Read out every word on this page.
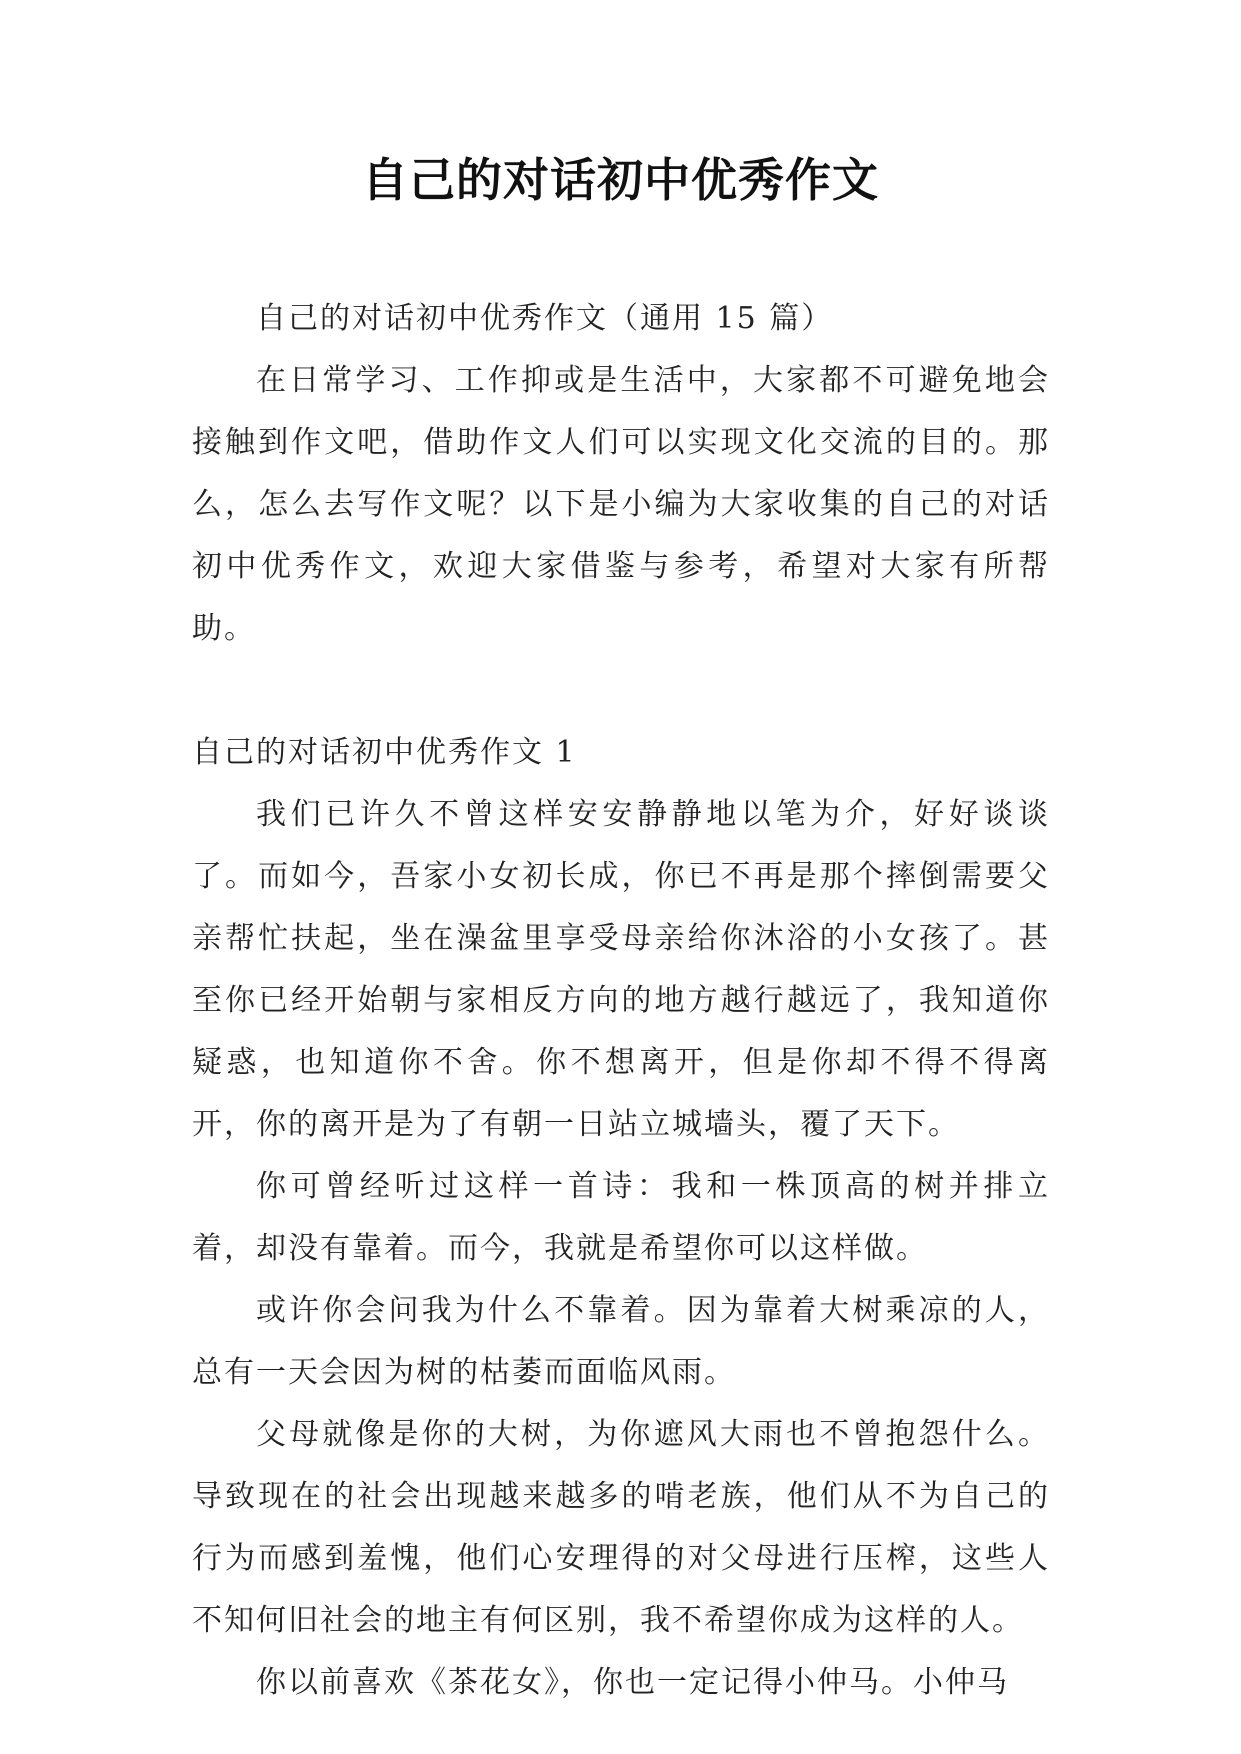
自己的对话初中优秀作文

自己的对话初中优秀作文（通用 15 篇）

在日常学习、工作抑或是生活中，大家都不可避免地会接触到作文吧，借助作文人们可以实现文化交流的目的。那么，怎么去写作文呢？以下是小编为大家收集的自己的对话初中优秀作文，欢迎大家借鉴与参考，希望对大家有所帮助。

自己的对话初中优秀作文 1

我们已许久不曾这样安安静静地以笔为介，好好谈谈了。而如今，吾家小女初长成，你已不再是那个摔倒需要父亲帮忙扶起，坐在澡盆里享受母亲给你沐浴的小女孩了。甚至你已经开始朝与家相反方向的地方越行越远了，我知道你疑惑，也知道你不舍。你不想离开，但是你却不得不得离开，你的离开是为了有朝一日站立城墙头，覆了天下。

你可曾经听过这样一首诗：我和一株顶高的树并排立着，却没有靠着。而今，我就是希望你可以这样做。

或许你会问我为什么不靠着。因为靠着大树乘凉的人，总有一天会因为树的枯萎而面临风雨。

父母就像是你的大树，为你遮风大雨也不曾抱怨什么。导致现在的社会出现越来越多的啃老族，他们从不为自己的行为而感到羞愧，他们心安理得的对父母进行压榨，这些人不知何旧社会的地主有何区别，我不希望你成为这样的人。

你以前喜欢《茶花女》，你也一定记得小仲马。小仲马
